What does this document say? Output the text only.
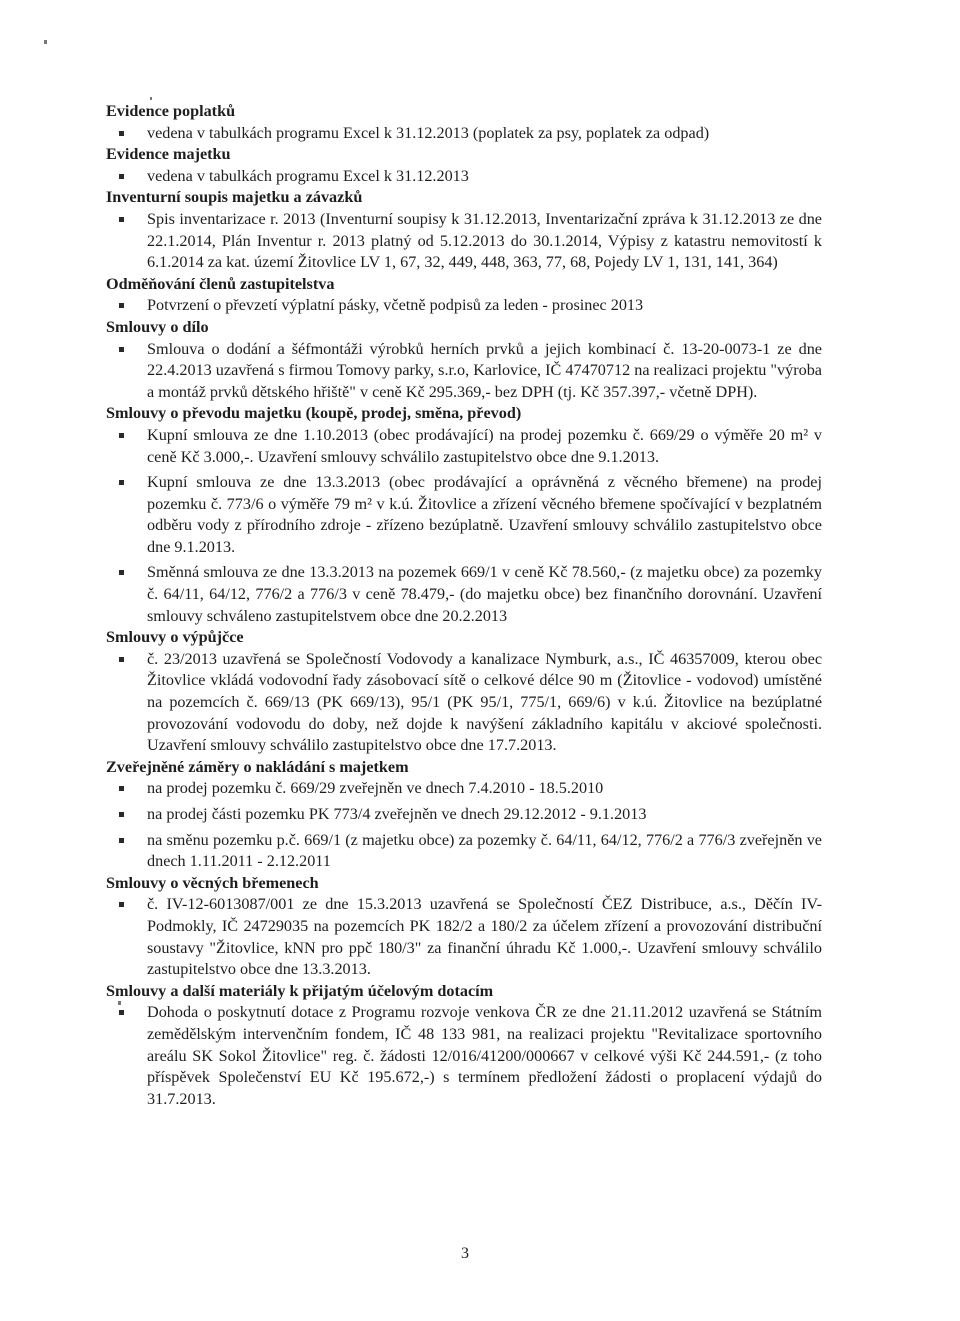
Evidence poplatků
vedena v tabulkách programu Excel k 31.12.2013 (poplatek za psy, poplatek za odpad)
Evidence majetku
vedena v tabulkách programu Excel k 31.12.2013
Inventurní soupis majetku a závazků
Spis inventarizace r. 2013 (Inventurní soupisy k 31.12.2013, Inventarizační zpráva k 31.12.2013 ze dne 22.1.2014, Plán Inventur r. 2013 platný od 5.12.2013 do 30.1.2014, Výpisy z katastru nemovitostí k 6.1.2014 za kat. území Žitovlice LV 1, 67, 32, 449, 448, 363, 77, 68, Pojedy LV 1, 131, 141, 364)
Odměňování členů zastupitelstva
Potvrzení o převzetí výplatní pásky, včetně podpisů za leden - prosinec 2013
Smlouvy o dílo
Smlouva o dodání a šéfmontáži výrobků herních prvků a jejich kombinací č. 13-20-0073-1 ze dne 22.4.2013 uzavřená s firmou Tomovy parky, s.r.o, Karlovice, IČ 47470712 na realizaci projektu "výroba a montáž prvků dětského hřiště" v ceně Kč 295.369,- bez DPH (tj. Kč 357.397,- včetně DPH).
Smlouvy o převodu majetku (koupě, prodej, směna, převod)
Kupní smlouva ze dne 1.10.2013 (obec prodávající) na prodej pozemku č. 669/29 o výměře 20 m² v ceně Kč 3.000,-. Uzavření smlouvy schválilo zastupitelstvo obce dne 9.1.2013.
Kupní smlouva ze dne 13.3.2013 (obec prodávající a oprávněná z věcného břemene) na prodej pozemku č. 773/6 o výměře 79 m² v k.ú. Žitovlice a zřízení věcného břemene spočívající v bezplatném odběru vody z přírodního zdroje - zřízeno bezúplatně. Uzavření smlouvy schválilo zastupitelstvo obce dne 9.1.2013.
Směnná smlouva ze dne 13.3.2013 na pozemek 669/1 v ceně Kč 78.560,- (z majetku obce) za pozemky č. 64/11, 64/12, 776/2 a 776/3 v ceně 78.479,- (do majetku obce) bez finančního dorovnání. Uzavření smlouvy schváleno zastupitelstvem obce dne 20.2.2013
Smlouvy o výpůjčce
č. 23/2013 uzavřená se Společností Vodovody a kanalizace Nymburk, a.s., IČ 46357009, kterou obec Žitovlice vkládá vodovodní řady zásobovací sítě o celkové délce 90 m (Žitovlice - vodovod) umístěné na pozemcích č. 669/13 (PK 669/13), 95/1 (PK 95/1, 775/1, 669/6) v k.ú. Žitovlice na bezúplatné provozování vodovodu do doby, než dojde k navýšení základního kapitálu v akciové společnosti. Uzavření smlouvy schválilo zastupitelstvo obce dne 17.7.2013.
Zveřejněné záměry o nakládání s majetkem
na prodej pozemku č. 669/29 zveřejněn ve dnech 7.4.2010 - 18.5.2010
na prodej části pozemku PK 773/4 zveřejněn ve dnech 29.12.2012 - 9.1.2013
na směnu pozemku p.č. 669/1 (z majetku obce) za pozemky č. 64/11, 64/12, 776/2 a 776/3 zveřejněn ve dnech 1.11.2011 - 2.12.2011
Smlouvy o věcných břemenech
č. IV-12-6013087/001 ze dne 15.3.2013 uzavřená se Společností ČEZ Distribuce, a.s., Děčín IV-Podmokly, IČ 24729035 na pozemcích PK 182/2 a 180/2 za účelem zřízení a provozování distribuční soustavy "Žitovlice, kNN pro ppč 180/3" za finanční úhradu Kč 1.000,-. Uzavření smlouvy schválilo zastupitelstvo obce dne 13.3.2013.
Smlouvy a další materiály k přijatým účelovým dotacím
Dohoda o poskytnutí dotace z Programu rozvoje venkova ČR ze dne 21.11.2012 uzavřená se Státním zemědělským intervenčním fondem, IČ 48 133 981, na realizaci projektu "Revitalizace sportovního areálu SK Sokol Žitovlice" reg. č. žádosti 12/016/41200/000667 v celkové výši Kč 244.591,- (z toho příspěvek Společenství EU Kč 195.672,-) s termínem předložení žádosti o proplacení výdajů do 31.7.2013.
3
